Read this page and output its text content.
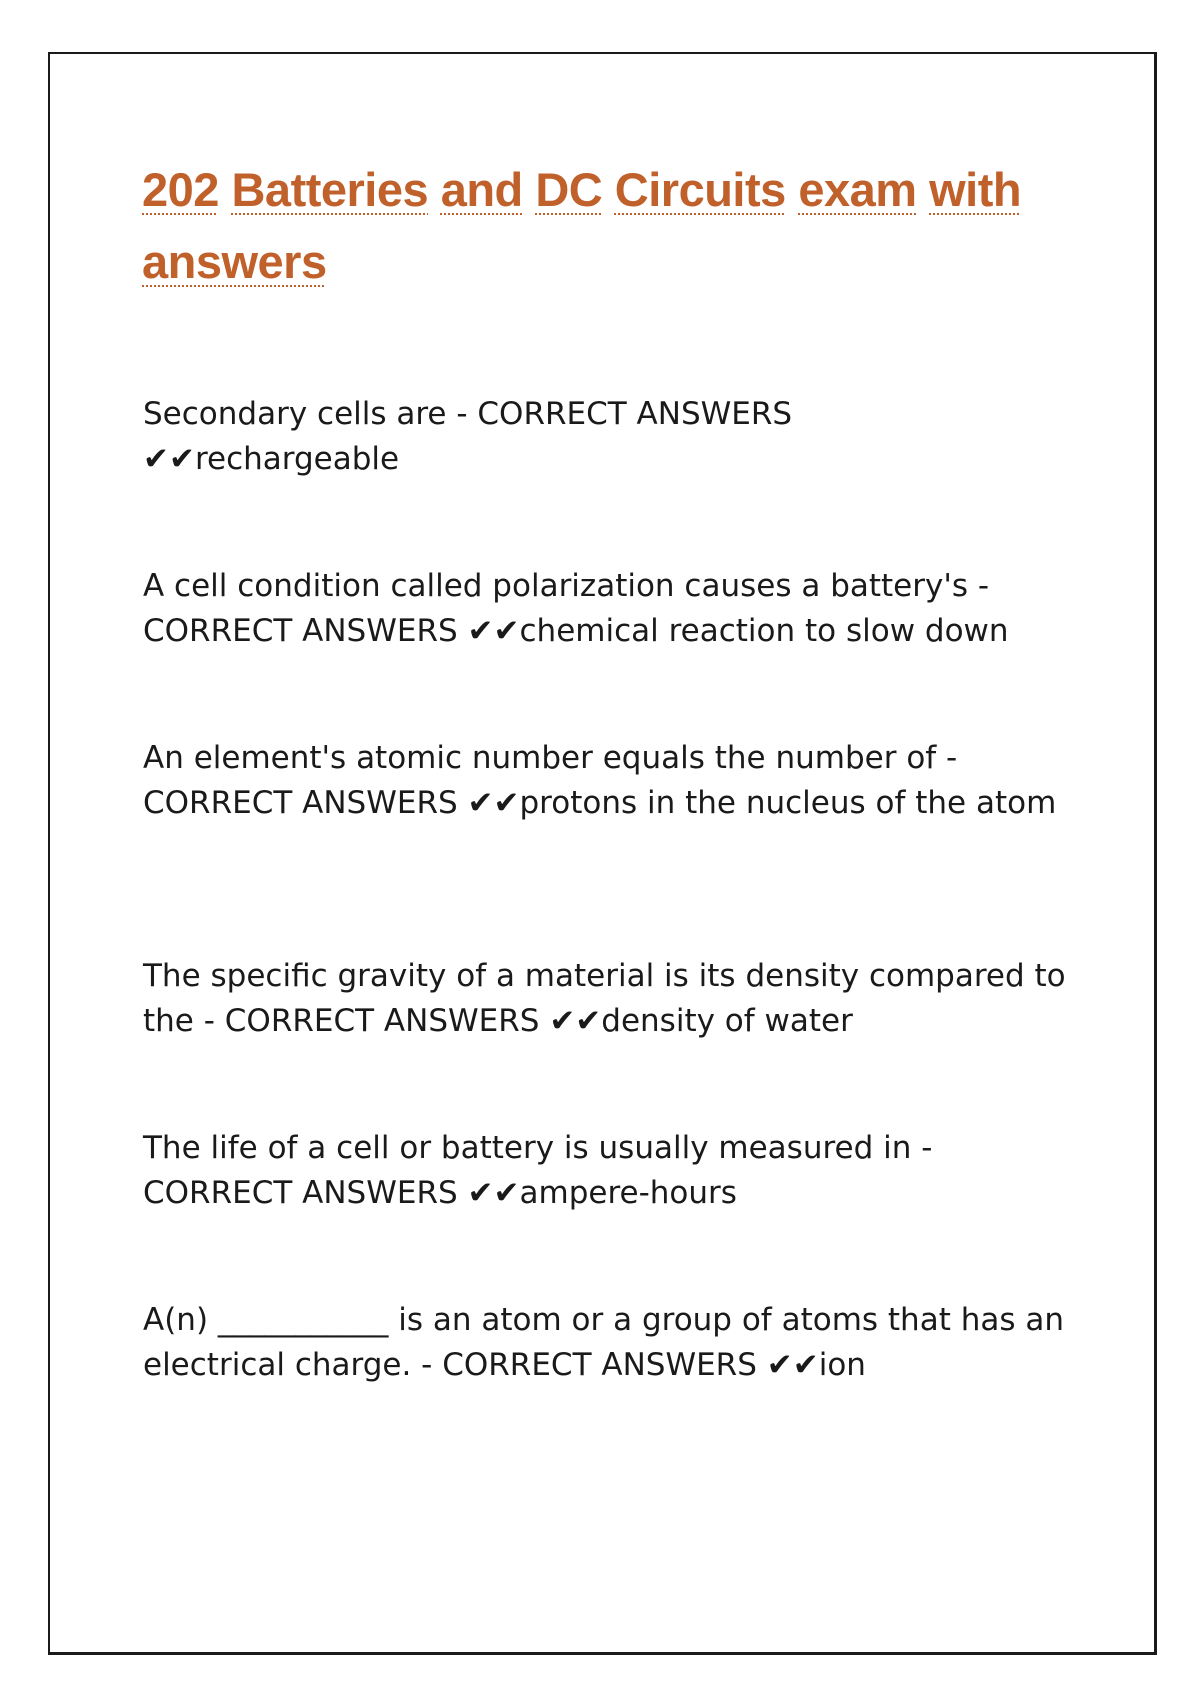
202 Batteries and DC Circuits exam with
answers

Secondary cells are - CORRECT ANSWERS
✔✔rechargeable

A cell condition called polarization causes a battery's -
CORRECT ANSWERS ✔✔chemical reaction to slow down

An element's atomic number equals the number of -
CORRECT ANSWERS ✔✔protons in the nucleus of the atom

The specific gravity of a material is its density compared to the - CORRECT ANSWERS ✔✔density of water

The life of a cell or battery is usually measured in -
CORRECT ANSWERS ✔✔ampere-hours

A(n) ___________ is an atom or a group of atoms that has an electrical charge. - CORRECT ANSWERS ✔✔ion
